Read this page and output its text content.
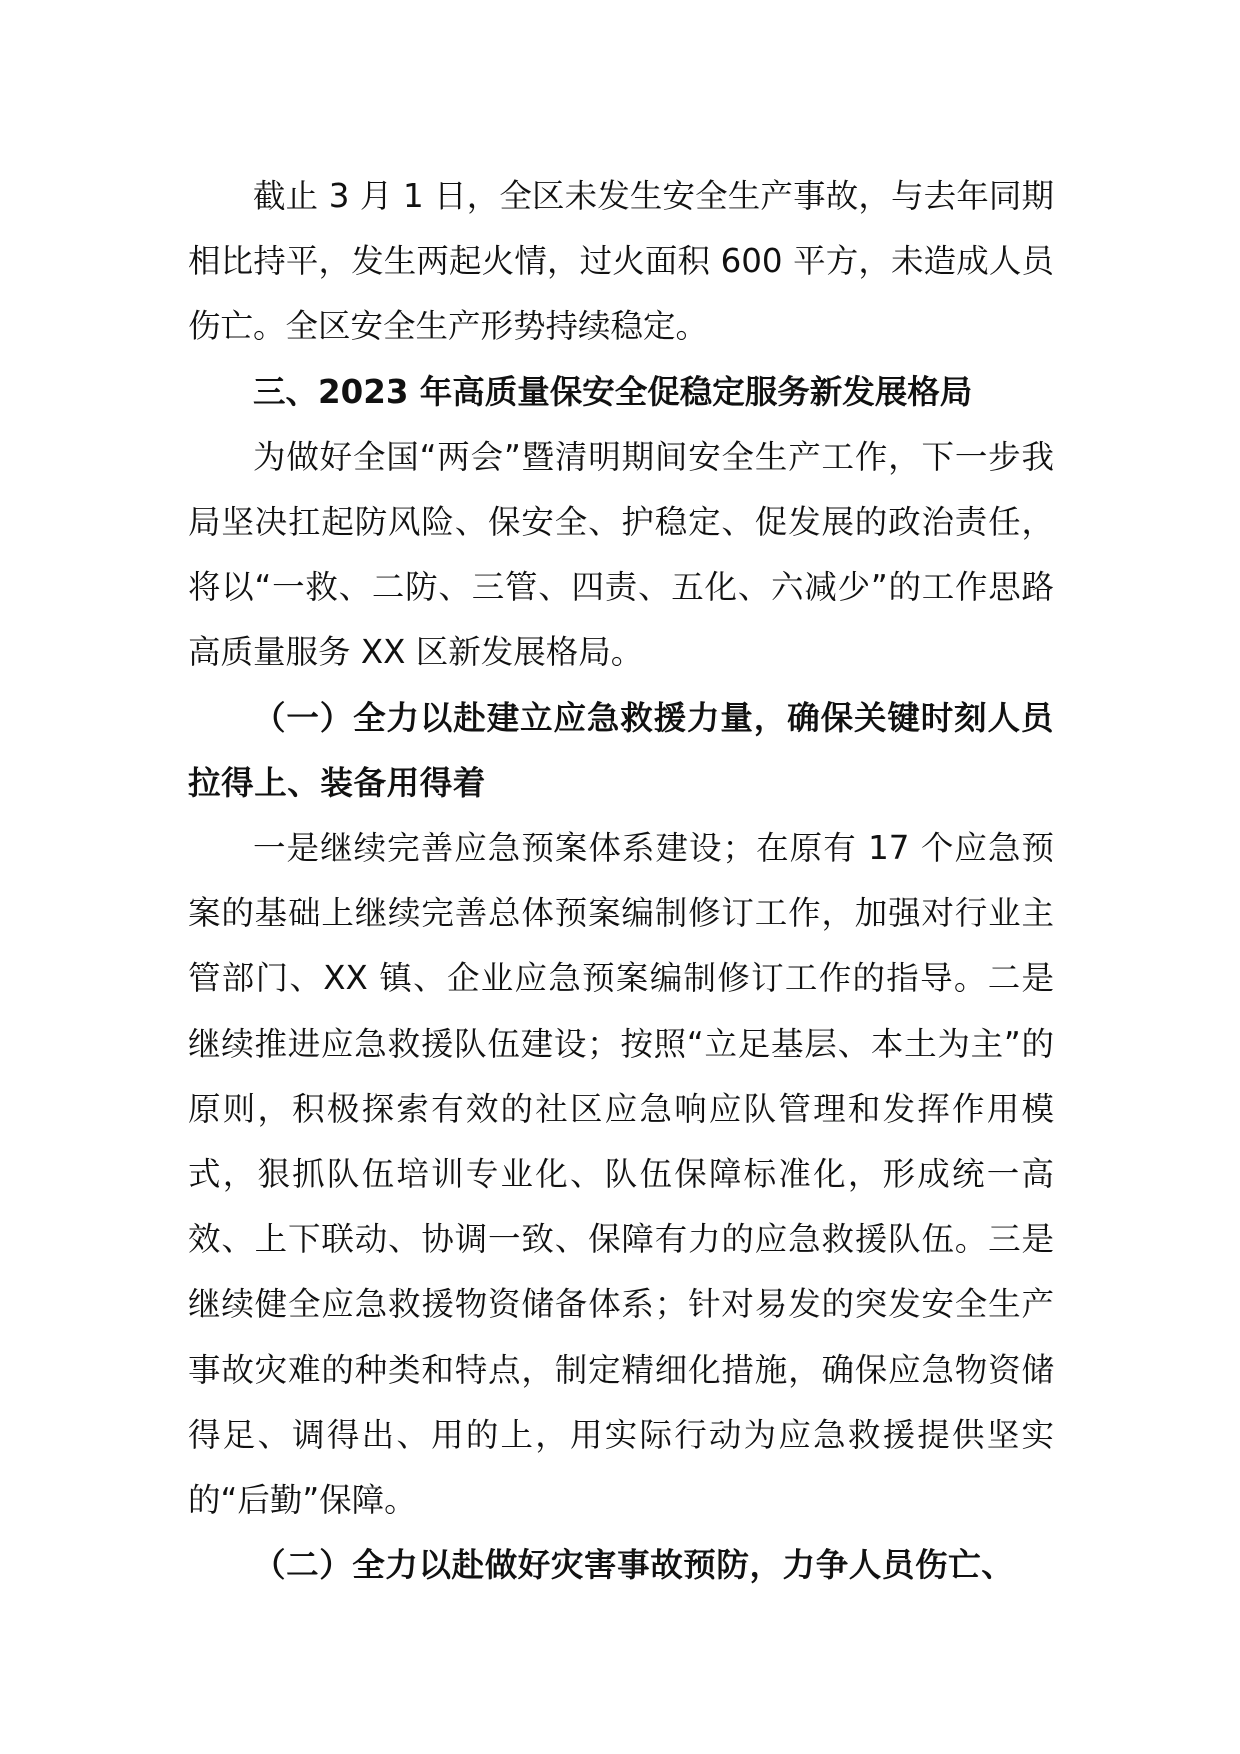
截止 3 月 1 日，全区未发生安全生产事故，与去年同期相比持平，发生两起火情，过火面积 600 平方，未造成人员伤亡。全区安全生产形势持续稳定。

三、2023 年高质量保安全促稳定服务新发展格局

为做好全国“两会”暨清明期间安全生产工作，下一步我局坚决扛起防风险、保安全、护稳定、促发展的政治责任，将以“一救、二防、三管、四责、五化、六减少”的工作思路高质量服务 XX 区新发展格局。

（一）全力以赴建立应急救援力量，确保关键时刻人员拉得上、装备用得着

一是继续完善应急预案体系建设；在原有 17 个应急预案的基础上继续完善总体预案编制修订工作，加强对行业主管部门、XX 镇、企业应急预案编制修订工作的指导。二是继续推进应急救援队伍建设；按照“立足基层、本土为主”的原则，积极探索有效的社区应急响应队管理和发挥作用模式，狠抓队伍培训专业化、队伍保障标准化，形成统一高效、上下联动、协调一致、保障有力的应急救援队伍。三是继续健全应急救援物资储备体系；针对易发的突发安全生产事故灾难的种类和特点，制定精细化措施，确保应急物资储得足、调得出、用的上，用实际行动为应急救援提供坚实的“后勤”保障。

（二）全力以赴做好灾害事故预防，力争人员伤亡、
